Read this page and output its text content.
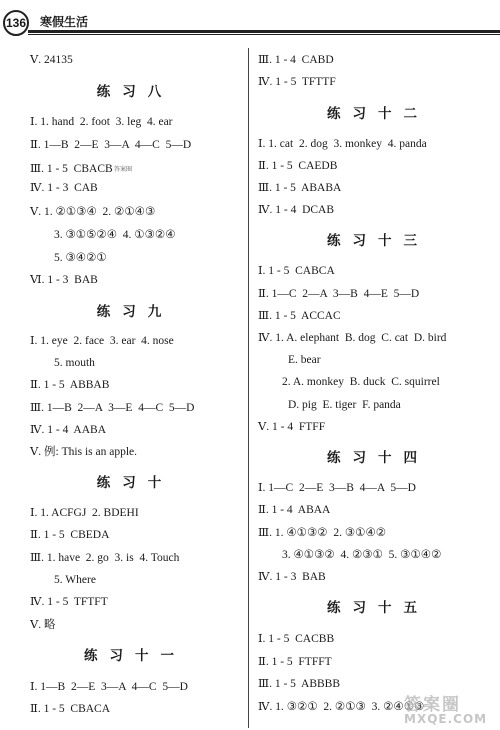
136 寒假生活
Ⅴ. 24135
练习八
Ⅰ. 1. hand  2. foot  3. leg  4. ear
Ⅱ. 1—B  2—E  3—A  4—C  5—D
Ⅲ. 1 - 5  CBACB 答案圈
Ⅳ. 1 - 3  CAB
Ⅴ. 1. ②①③④  2. ②①④③
3. ③①⑤②④  4. ①③②④
5. ③④②①
Ⅵ. 1 - 3  BAB
练习九
Ⅰ. 1. eye  2. face  3. ear  4. nose
5. mouth
Ⅱ. 1 - 5  ABBAB
Ⅲ. 1—B  2—A  3—E  4—C  5—D
Ⅳ. 1 - 4  AABA
Ⅴ. 例: This is an apple.
练习十
Ⅰ. 1. ACFGJ  2. BDEHI
Ⅱ. 1 - 5  CBEDA
Ⅲ. 1. have  2. go  3. is  4. Touch
5. Where
Ⅳ. 1 - 5  TFTFT
Ⅴ. 略
练习十一
Ⅰ. 1—B  2—E  3—A  4—C  5—D
Ⅱ. 1 - 5  CBACA
Ⅲ. 1 - 4  CABD
Ⅳ. 1 - 5  TFTTF
练习十二
Ⅰ. 1. cat  2. dog  3. monkey  4. panda
Ⅱ. 1 - 5  CAEDB
Ⅲ. 1 - 5  ABABA
Ⅳ. 1 - 4  DCAB
练习十三
Ⅰ. 1 - 5  CABCA
Ⅱ. 1—C  2—A  3—B  4—E  5—D
Ⅲ. 1 - 5  ACCAC
Ⅳ. 1. A. elephant  B. dog  C. cat  D. bird
E. bear
2. A. monkey  B. duck  C. squirrel
D. pig  E. tiger  F. panda
Ⅴ. 1 - 4  FTFF
练习十四
Ⅰ. 1—C  2—E  3—B  4—A  5—D
Ⅱ. 1 - 4  ABAA
Ⅲ. 1. ④①③②  2. ③①④②
3. ④①③②  4. ②③①  5. ③①④②
Ⅳ. 1 - 3  BAB
练习十五
Ⅰ. 1 - 5  CACBB
Ⅱ. 1 - 5  FTFFT
Ⅲ. 1 - 5  ABBBB
Ⅳ. 1. ③②①  2. ②①③  3. ②④①③
答案圈
MXQE.COM
